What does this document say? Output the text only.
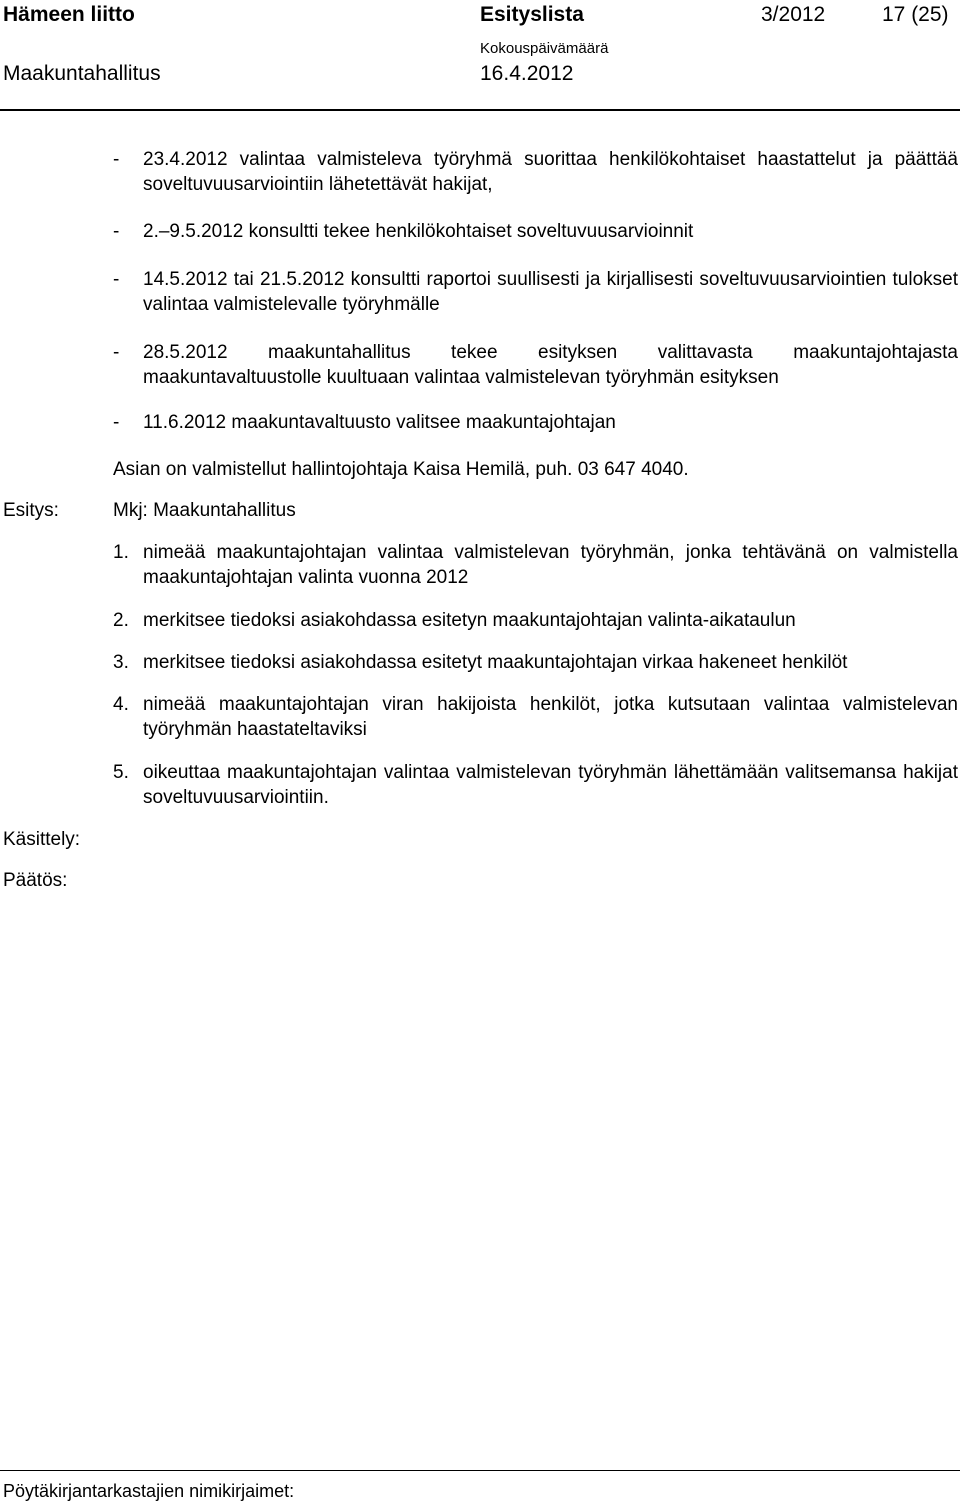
Hämeen liitto	Esityslista	3/2012	17 (25)
Maakuntahallitus
Kokouspäivämäärä
16.4.2012
- 23.4.2012 valintaa valmisteleva työryhmä suorittaa henkilökohtaiset haastattelut ja päättää soveltuvuusarviointiin lähetettävät hakijat,
- 2.–9.5.2012 konsultti tekee henkilökohtaiset soveltuvuusarvioinnit
- 14.5.2012 tai 21.5.2012 konsultti raportoi suullisesti ja kirjallisesti soveltuvuusarviointien tulokset valintaa valmistelevalle työryhmälle
- 28.5.2012 maakuntahallitus tekee esityksen valittavasta maakuntajohtajasta maakuntavaltuustolle kuultuaan valintaa valmistelevan työryhmän esityksen
- 11.6.2012 maakuntavaltuusto valitsee maakuntajohtajan
Asian on valmistellut hallintojohtaja Kaisa Hemilä, puh. 03 647 4040.
Esitys:
Käsittely:
Päätös:
Mkj: Maakuntahallitus
1. nimeää maakuntajohtajan valintaa valmistelevan työryhmän, jonka tehtävänä on valmistella maakuntajohtajan valinta vuonna 2012
2. merkitsee tiedoksi asiakohdassa esitetyn maakuntajohtajan valinta-aikataulun
3. merkitsee tiedoksi asiakohdassa esitetyt maakuntajohtajan virkaa hakeneet henkilöt
4. nimeää maakuntajohtajan viran hakijoista henkilöt, jotka kutsutaan valintaa valmistelevan työryhmän haastateltaviksi
5. oikeuttaa maakuntajohtajan valintaa valmistelevan työryhmän lähettämään valitsemansa hakijat soveltuvuusarviointiin.
Pöytäkirjantarkastajien nimikirjaimet:
